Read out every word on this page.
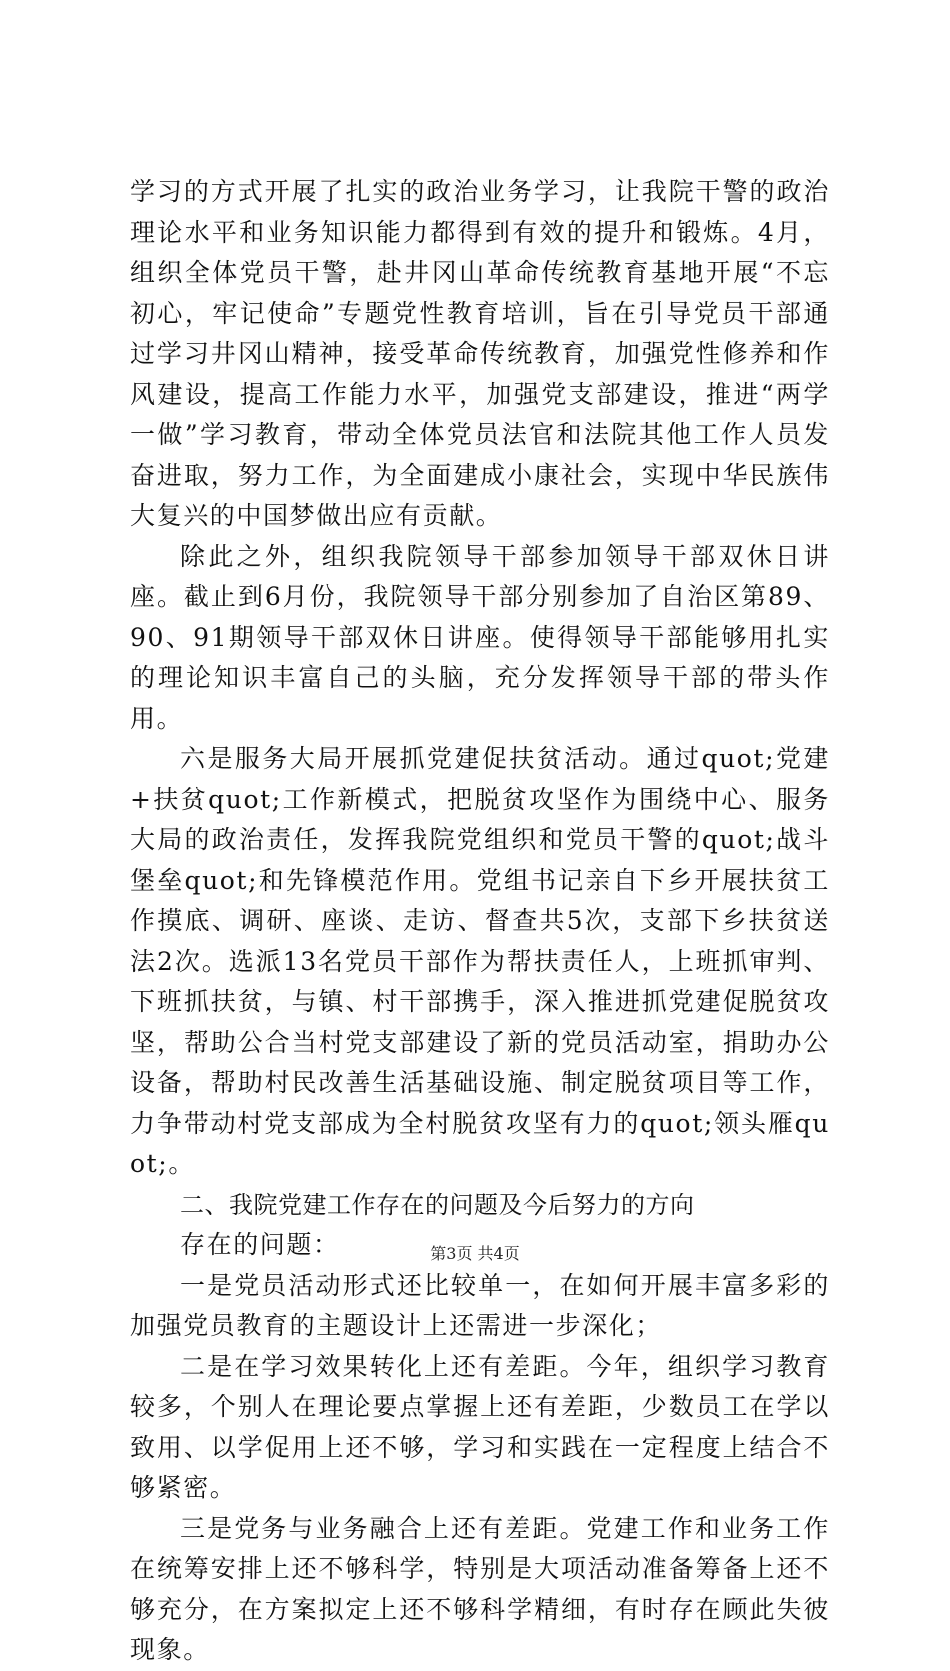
学习的方式开展了扎实的政治业务学习，让我院干警的政治理论水平和业务知识能力都得到有效的提升和锻炼。4月，组织全体党员干警，赴井冈山革命传统教育基地开展“不忘初心，牢记使命”专题党性教育培训，旨在引导党员干部通过学习井冈山精神，接受革命传统教育，加强党性修养和作风建设，提高工作能力水平，加强党支部建设，推进“两学一做”学习教育，带动全体党员法官和法院其他工作人员发奋进取，努力工作，为全面建成小康社会，实现中华民族伟大复兴的中国梦做出应有贡献。

除此之外，组织我院领导干部参加领导干部双休日讲座。截止到6月份，我院领导干部分别参加了自治区第89、90、91期领导干部双休日讲座。使得领导干部能够用扎实的理论知识丰富自己的头脑，充分发挥领导干部的带头作用。

六是服务大局开展抓党建促扶贫活动。通过quot;党建+扶贫quot;工作新模式，把脱贫攻坚作为围绕中心、服务大局的政治责任，发挥我院党组织和党员干警的quot;战斗堡垒quot;和先锋模范作用。党组书记亲自下乡开展扶贫工作摸底、调研、座谈、走访、督查共5次，支部下乡扶贫送法2次。选派13名党员干部作为帮扶责任人，上班抓审判、下班抓扶贫，与镇、村干部携手，深入推进抓党建促脱贫攻坚，帮助公合当村党支部建设了新的党员活动室，捐助办公设备，帮助村民改善生活基础设施、制定脱贫项目等工作，力争带动村党支部成为全村脱贫攻坚有力的quot;领头雁quot;。

二、我院党建工作存在的问题及今后努力的方向

存在的问题：

一是党员活动形式还比较单一，在如何开展丰富多彩的加强党员教育的主题设计上还需进一步深化；

二是在学习效果转化上还有差距。今年，组织学习教育较多，个别人在理论要点掌握上还有差距，少数员工在学以致用、以学促用上还不够，学习和实践在一定程度上结合不够紧密。

三是党务与业务融合上还有差距。党建工作和业务工作在统筹安排上还不够科学，特别是大项活动准备筹备上还不够充分，在方案拟定上还不够科学精细，有时存在顾此失彼现象。

第3页 共4页
